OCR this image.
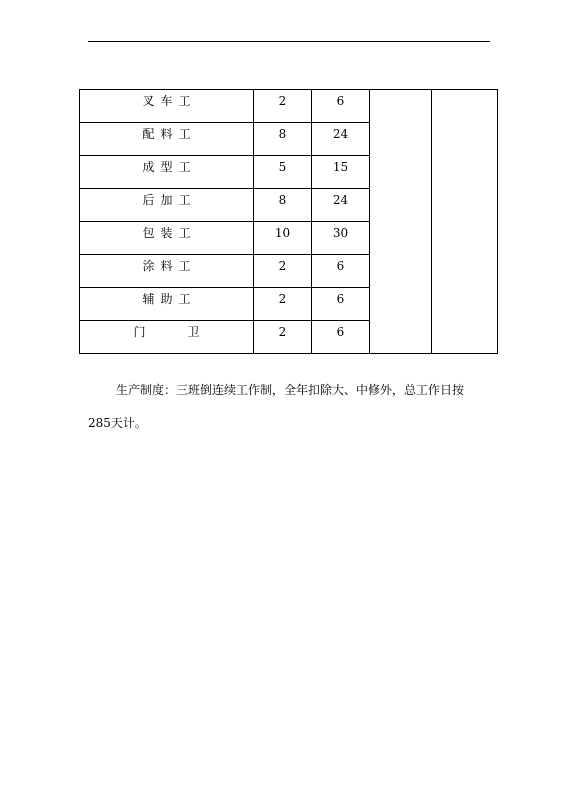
叉车工	2	6		

配料工	8	24		

成型工	5	15		

后加工	8	24		

包装工	10	30		

涂料工	2	6		

辅助工	2	6		

门　　卫	2	6		

生产制度：三班倒连续工作制，全年扣除大、中修外，总工作日按

285天计。
